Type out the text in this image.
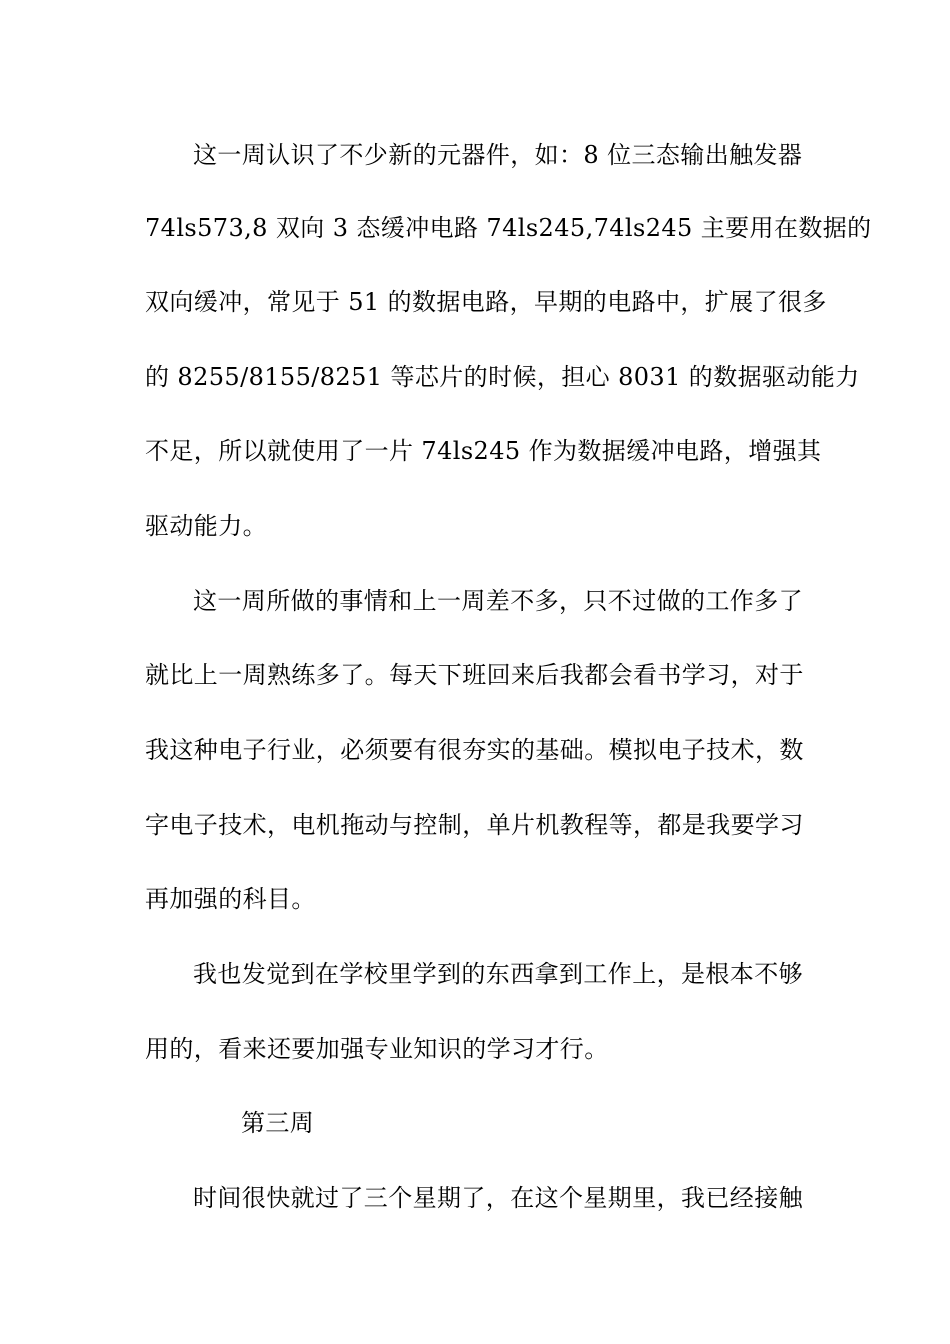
这一周认识了不少新的元器件，如：8 位三态输出触发器

74ls573,8 双向 3 态缓冲电路 74ls245,74ls245 主要用在数据的

双向缓冲，常见于 51 的数据电路，早期的电路中，扩展了很多

的 8255/8155/8251 等芯片的时候，担心 8031 的数据驱动能力

不足，所以就使用了一片 74ls245 作为数据缓冲电路，增强其

驱动能力。

这一周所做的事情和上一周差不多，只不过做的工作多了

就比上一周熟练多了。每天下班回来后我都会看书学习，对于

我这种电子行业，必须要有很夯实的基础。模拟电子技术，数

字电子技术，电机拖动与控制，单片机教程等，都是我要学习

再加强的科目。

我也发觉到在学校里学到的东西拿到工作上，是根本不够

用的，看来还要加强专业知识的学习才行。

第三周

时间很快就过了三个星期了，在这个星期里，我已经接触
